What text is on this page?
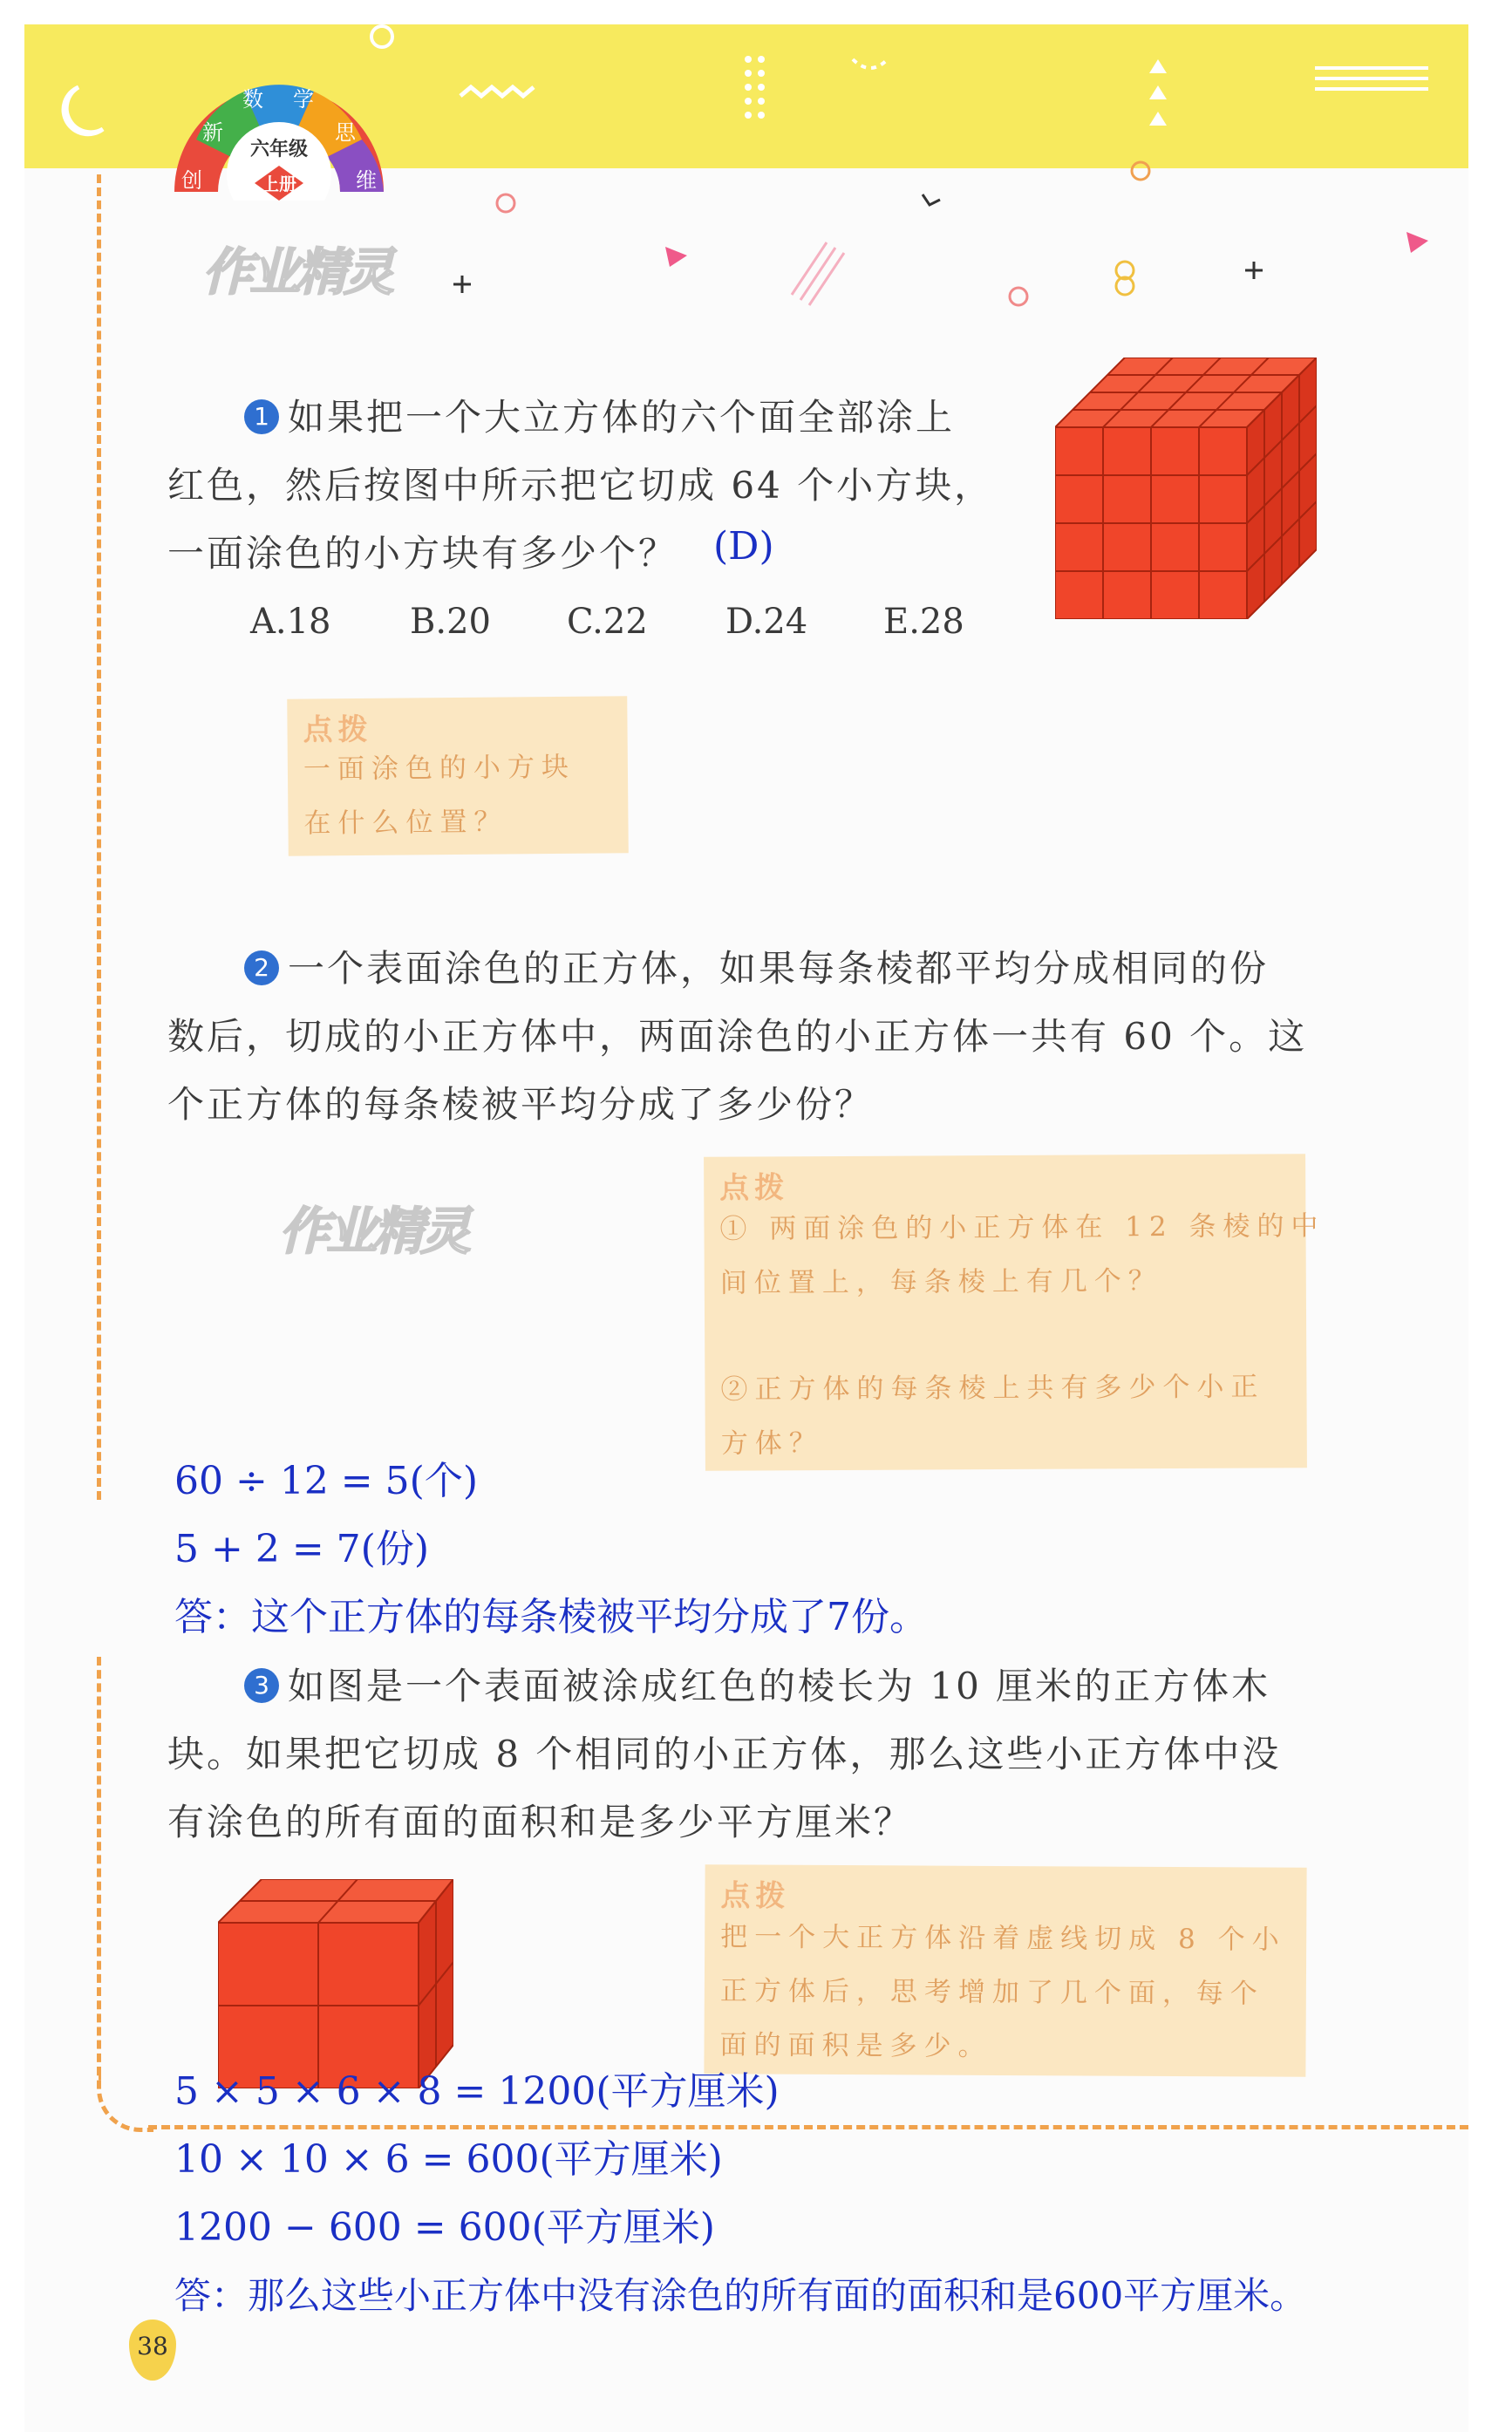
创
新
数 学
思
维
六年级
上册
作业精灵
作业精灵
1 如果把一个大立方体的六个面全部涂上
红色，然后按图中所示把它切成 64 个小方块，
一面涂色的小方块有多少个？ (D)
A.18 B.20 C.22 D.24 E.28
点拨
一面涂色的小方块
在什么位置？
2 一个表面涂色的正方体，如果每条棱都平均分成相同的份
数后，切成的小正方体中，两面涂色的小正方体一共有 60 个。这
个正方体的每条棱被平均分成了多少份？
点拨
① 两面涂色的小正方体在 12 条棱的中
间位置上，每条棱上有几个？
②正方体的每条棱上共有多少个小正
方体？
60 ÷ 12 = 5(个)
5 + 2 = 7(份)
答：这个正方体的每条棱被平均分成了7份。
3 如图是一个表面被涂成红色的棱长为 10 厘米的正方体木
块。如果把它切成 8 个相同的小正方体，那么这些小正方体中没
有涂色的所有面的面积和是多少平方厘米？
点拨
把一个大正方体沿着虚线切成 8 个小
正方体后，思考增加了几个面，每个
面的面积是多少。
5 × 5 × 6 × 8 = 1200(平方厘米)
10 × 10 × 6 = 600(平方厘米)
1200 − 600 = 600(平方厘米)
答：那么这些小正方体中没有涂色的所有面的面积和是600平方厘米。
38
